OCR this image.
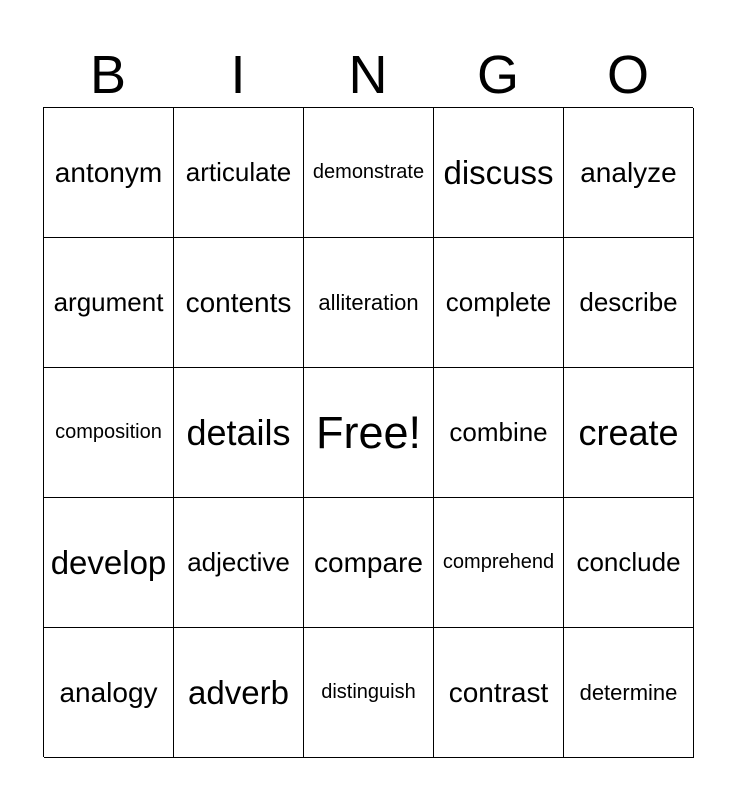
B	I	N	G	O
antonym articulate demonstrate discuss analyze
argument contents alliteration complete describe
composition details Free! combine create
develop adjective compare comprehend conclude
analogy adverb distinguish contrast determine
